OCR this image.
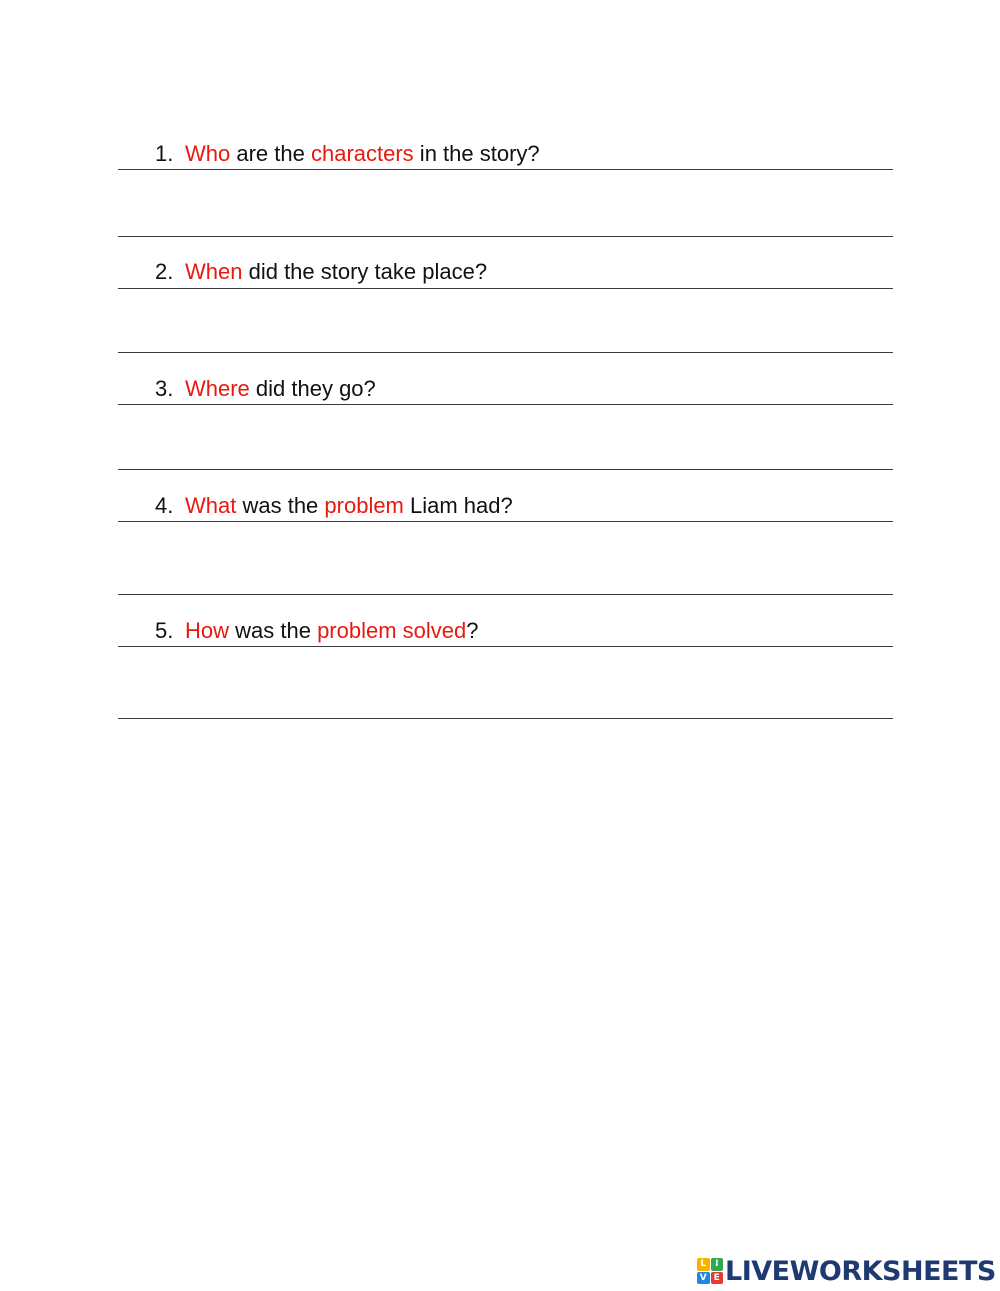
1. Who are the characters in the story?
2. When did the story take place?
3. Where did they go?
4. What was the problem Liam had?
5. How was the problem solved?
L I
V E LIVEWORKSHEETS
